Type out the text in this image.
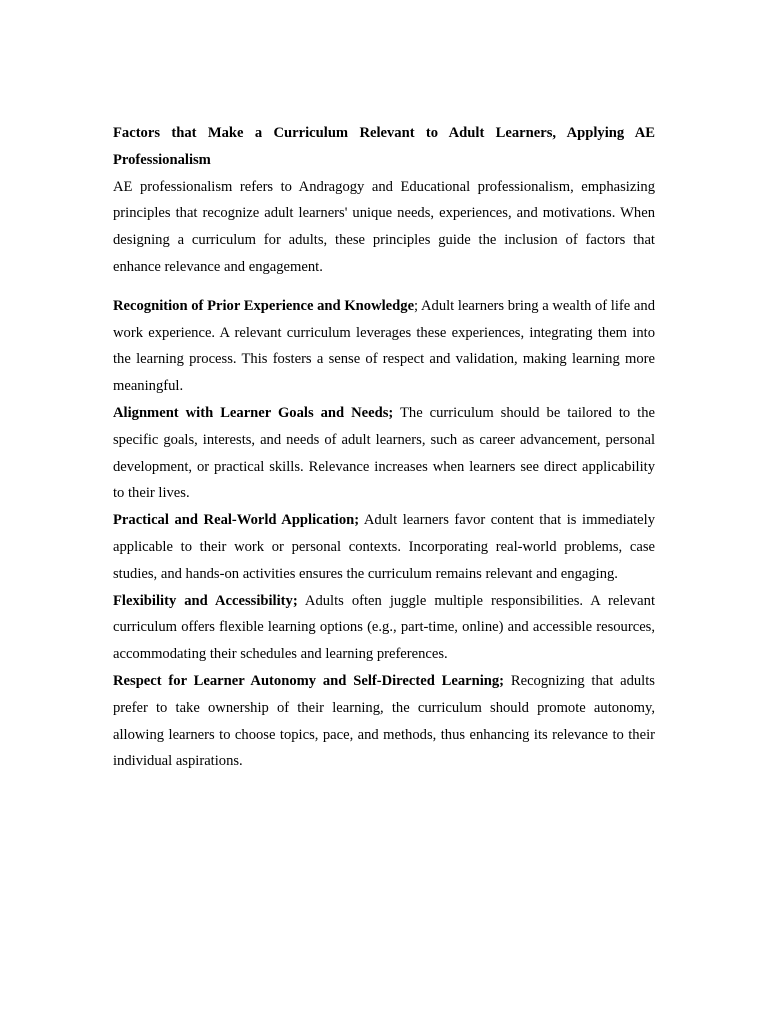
Factors that Make a Curriculum Relevant to Adult Learners, Applying AE Professionalism

AE professionalism refers to Andragogy and Educational professionalism, emphasizing principles that recognize adult learners' unique needs, experiences, and motivations. When designing a curriculum for adults, these principles guide the inclusion of factors that enhance relevance and engagement.

Recognition of Prior Experience and Knowledge; Adult learners bring a wealth of life and work experience. A relevant curriculum leverages these experiences, integrating them into the learning process. This fosters a sense of respect and validation, making learning more meaningful.

Alignment with Learner Goals and Needs; The curriculum should be tailored to the specific goals, interests, and needs of adult learners, such as career advancement, personal development, or practical skills. Relevance increases when learners see direct applicability to their lives.

Practical and Real-World Application; Adult learners favor content that is immediately applicable to their work or personal contexts. Incorporating real-world problems, case studies, and hands-on activities ensures the curriculum remains relevant and engaging.

Flexibility and Accessibility; Adults often juggle multiple responsibilities. A relevant curriculum offers flexible learning options (e.g., part-time, online) and accessible resources, accommodating their schedules and learning preferences.

Respect for Learner Autonomy and Self-Directed Learning; Recognizing that adults prefer to take ownership of their learning, the curriculum should promote autonomy, allowing learners to choose topics, pace, and methods, thus enhancing its relevance to their individual aspirations.
